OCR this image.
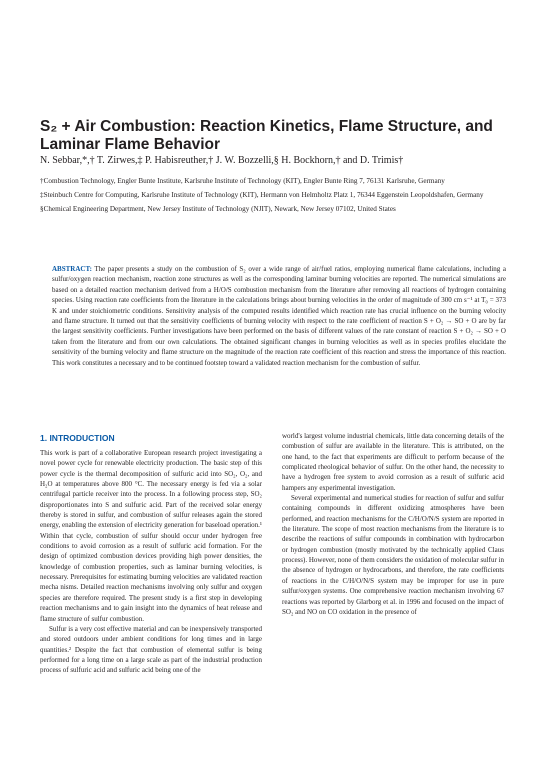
S₂ + Air Combustion: Reaction Kinetics, Flame Structure, and Laminar Flame Behavior
N. Sebbar,*,† T. Zirwes,‡ P. Habisreuther,† J. W. Bozzelli,§ H. Bockhorn,† and D. Trimis†

†Combustion Technology, Engler Bunte Institute, Karlsruhe Institute of Technology (KIT), Engler Bunte Ring 7, 76131 Karlsruhe, Germany

‡Steinbuch Centre for Computing, Karlsruhe Institute of Technology (KIT), Hermann von Helmholtz Platz 1, 76344 Eggenstein Leopoldshafen, Germany

§Chemical Engineering Department, New Jersey Institute of Technology (NJIT), Newark, New Jersey 07102, United States

ABSTRACT: The paper presents a study on the combustion of S₂ over a wide range of air/fuel ratios, employing numerical flame calculations, including a sulfur/oxygen reaction mechanism, reaction zone structures as well as the corresponding laminar burning velocities are reported. The numerical simulations are based on a detailed reaction mechanism derived from a H/O/S combustion mechanism from the literature after removing all reactions of hydrogen containing species. Using reaction rate coefficients from the literature in the calculations brings about burning velocities in the order of magnitude of 300 cm s⁻¹ at T₀ = 373 K and under stoichiometric conditions. Sensitivity analysis of the computed results identified which reaction rate has crucial influence on the burning velocity and flame structure. It turned out that the sensitivity coefficients of burning velocity with respect to the rate coefficient of reaction S + O₂ → SO + O are by far the largest sensitivity coefficients. Further investigations have been performed on the basis of different values of the rate constant of reaction S + O₂ → SO + O taken from the literature and from our own calculations. The obtained significant changes in burning velocities as well as in species profiles elucidate the sensitivity of the burning velocity and flame structure on the magnitude of the reaction rate coefficient of this reaction and stress the importance of this reaction. This work constitutes a necessary and to be continued footstep toward a validated reaction mechanism for the combustion of sulfur.
1. INTRODUCTION

This work is part of a collaborative European research project investigating a novel power cycle for renewable electricity production. The basic step of this power cycle is the thermal decomposition of sulfuric acid into SO₂, O₂, and H₂O at temperatures above 800 °C. The necessary energy is fed via a solar centrifugal particle receiver into the process. In a following process step, SO₂ disproportionates into S and sulfuric acid. Part of the received solar energy thereby is stored in sulfur, and combustion of sulfur releases again the stored energy, enabling the extension of electricity generation for baseload operation.¹ Within that cycle, combustion of sulfur should occur under hydrogen free conditions to avoid corrosion as a result of sulfuric acid formation. For the design of optimized combustion devices providing high power densities, the knowledge of combustion properties, such as laminar burning velocities, is necessary. Prerequisites for estimating burning velocities are validated reaction mecha nisms. Detailed reaction mechanisms involving only sulfur and oxygen species are therefore required. The present study is a first step in developing reaction mechanisms and to gain insight into the dynamics of heat release and flame structure of sulfur combustion.

Sulfur is a very cost effective material and can be inexpensively transported and stored outdoors under ambient conditions for long times and in large quantities.² Despite the fact that combustion of elemental sulfur is being performed for a long time on a large scale as part of the industrial production process of sulfuric acid and sulfuric acid being one of the

world's largest volume industrial chemicals, little data concerning details of the combustion of sulfur are available in the literature. This is attributed, on the one hand, to the fact that experiments are difficult to perform because of the complicated rheological behavior of sulfur. On the other hand, the necessity to have a hydrogen free system to avoid corrosion as a result of sulfuric acid hampers any experimental investigation.

Several experimental and numerical studies for reaction of sulfur and sulfur containing compounds in different oxidizing atmospheres have been performed, and reaction mechanisms for the C/H/O/N/S system are reported in the literature. The scope of most reaction mechanisms from the literature is to describe the reactions of sulfur compounds in combination with hydrocarbon or hydrogen combustion (mostly motivated by the technically applied Claus process). However, none of them considers the oxidation of molecular sulfur in the absence of hydrogen or hydrocarbons, and therefore, the rate coefficients of reactions in the C/H/O/N/S system may be improper for use in pure sulfur/oxygen systems. One comprehensive reaction mechanism involving 67 reactions was reported by Glarborg et al. in 1996 and focused on the impact of SO₂ and NO on CO oxidation in the presence of
